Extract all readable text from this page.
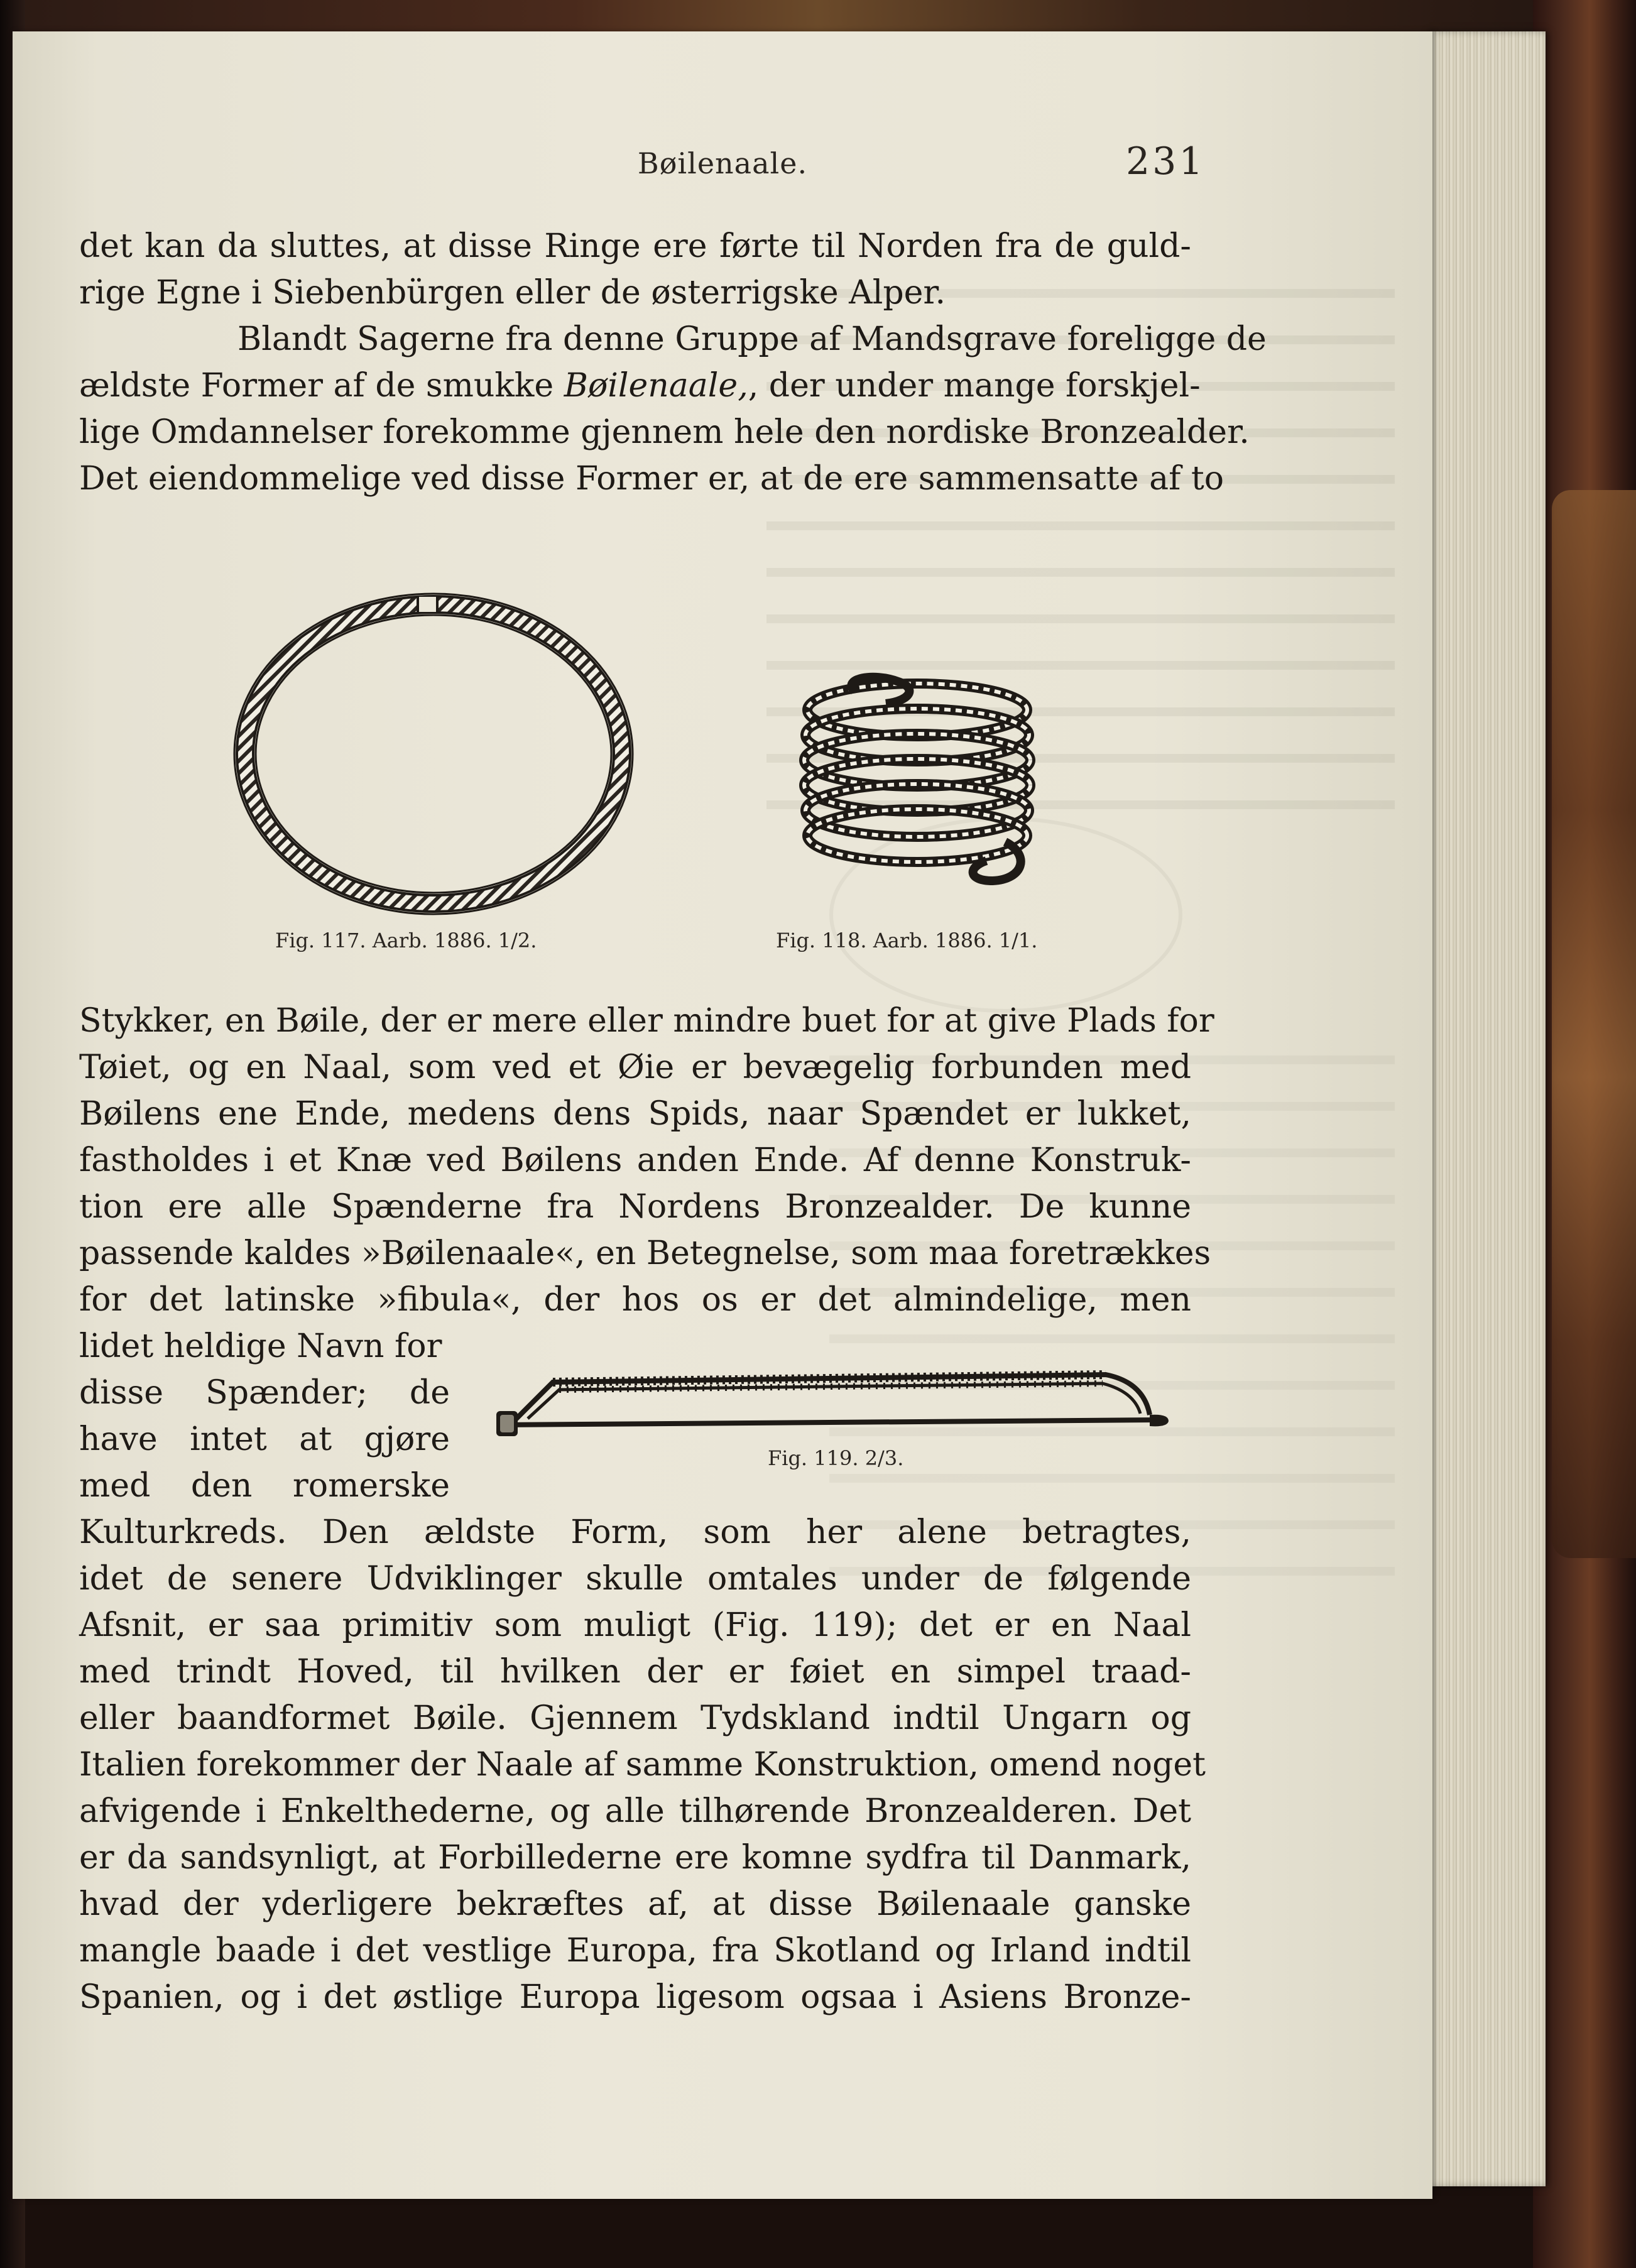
Bøilenaale.	231
det kan da sluttes, at disse Ringe ere førte til Norden fra de guld-
rige Egne i Siebenbürgen eller de østerrigske Alper.
Blandt Sagerne fra denne Gruppe af Mandsgrave foreligge de
ældste Former af de smukke Bøilenaale,, der under mange forskjel-
lige Omdannelser forekomme gjennem hele den nordiske Bronzealder.
Det eiendommelige ved disse Former er, at de ere sammensatte af to
Fig. 117. Aarb. 1886. 1/2.	Fig. 118. Aarb. 1886. 1/1.
Stykker, en Bøile, der er mere eller mindre buet for at give Plads for
Tøiet, og en Naal, som ved et Øie er bevægelig forbunden med
Bøilens ene Ende, medens dens Spids, naar Spændet er lukket,
fastholdes i et Knæ ved Bøilens anden Ende. Af denne Konstruk-
tion ere alle Spænderne fra Nordens Bronzealder. De kunne
passende kaldes »Bøilenaale«, en Betegnelse, som maa foretrækkes
for det latinske »fibula«, der hos os er det almindelige, men
lidet heldige Navn for
disse Spænder; de
have intet at gjøre
med den romerske
Fig. 119. 2/3.
Kulturkreds. Den ældste Form, som her alene betragtes,
idet de senere Udviklinger skulle omtales under de følgende
Afsnit, er saa primitiv som muligt (Fig. 119); det er en Naal
med trindt Hoved, til hvilken der er føiet en simpel traad-
eller baandformet Bøile. Gjennem Tydskland indtil Ungarn og
Italien forekommer der Naale af samme Konstruktion, omend noget
afvigende i Enkelthederne, og alle tilhørende Bronzealderen. Det
er da sandsynligt, at Forbillederne ere komne sydfra til Danmark,
hvad der yderligere bekræftes af, at disse Bøilenaale ganske
mangle baade i det vestlige Europa, fra Skotland og Irland indtil
Spanien, og i det østlige Europa ligesom ogsaa i Asiens Bronze-
